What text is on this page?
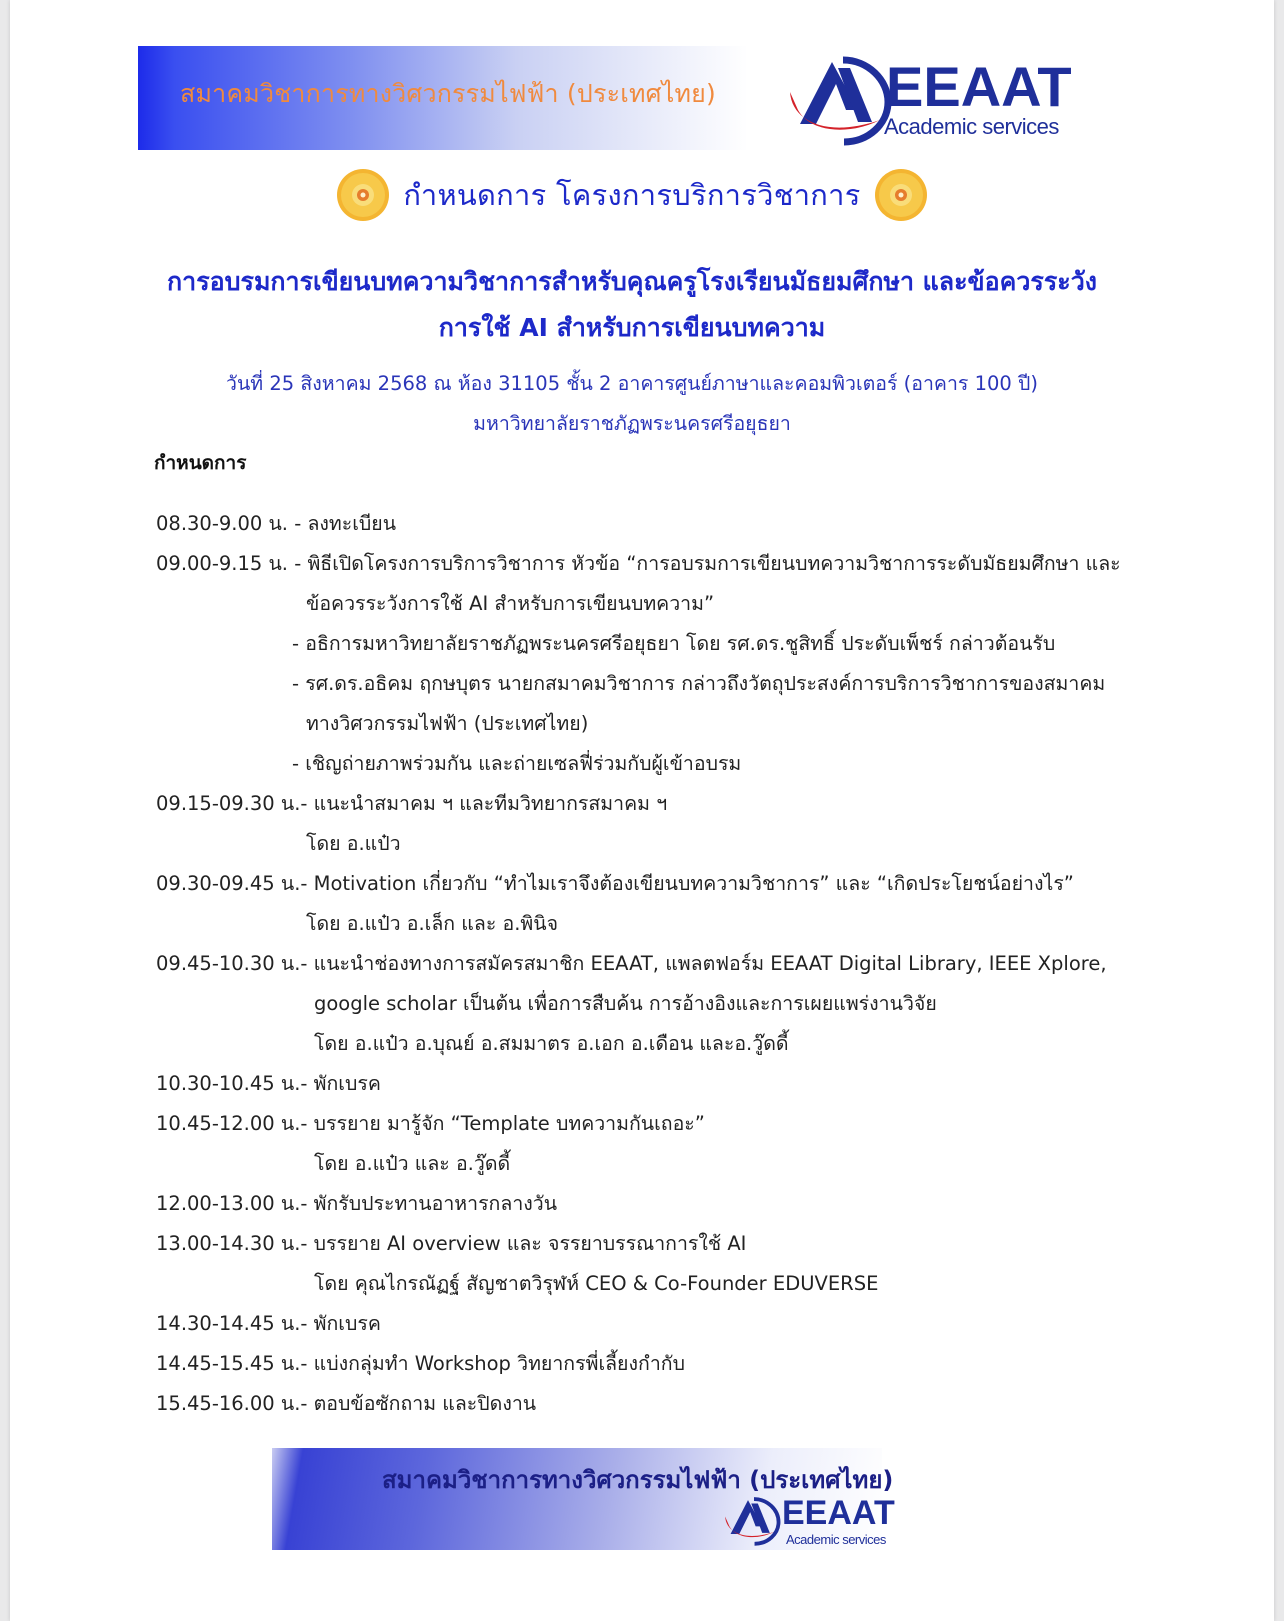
สมาคมวิชาการทางวิศวกรรมไฟฟ้า (ประเทศไทย)	EEAAT
Academic services
กำหนดการ โครงการบริการวิชาการ
การอบรมการเขียนบทความวิชาการสำหรับคุณครูโรงเรียนมัธยมศึกษา และข้อควรระวัง
การใช้ AI สำหรับการเขียนบทความ
วันที่ 25 สิงหาคม 2568 ณ ห้อง 31105 ชั้น 2 อาคารศูนย์ภาษาและคอมพิวเตอร์ (อาคาร 100 ปี)
มหาวิทยาลัยราชภัฏพระนครศรีอยุธยา
กำหนดการ
08.30-9.00 น. - ลงทะเบียน
09.00-9.15 น. - พิธีเปิดโครงการบริการวิชาการ หัวข้อ “การอบรมการเขียนบทความวิชาการระดับมัธยมศึกษา และ
ข้อควรระวังการใช้ AI สำหรับการเขียนบทความ”
- อธิการมหาวิทยาลัยราชภัฏพระนครศรีอยุธยา โดย รศ.ดร.ชูสิทธิ์ ประดับเพ็ชร์ กล่าวต้อนรับ
- รศ.ดร.อธิคม ฤกษบุตร นายกสมาคมวิชาการ กล่าวถึงวัตถุประสงค์การบริการวิชาการของสมาคม
ทางวิศวกรรมไฟฟ้า (ประเทศไทย)
- เชิญถ่ายภาพร่วมกัน และถ่ายเซลฟี่ร่วมกับผู้เข้าอบรม
09.15-09.30 น.- แนะนำสมาคม ฯ และทีมวิทยากรสมาคม ฯ
โดย อ.แป๋ว
09.30-09.45 น.- Motivation เกี่ยวกับ “ทำไมเราจึงต้องเขียนบทความวิชาการ” และ “เกิดประโยชน์อย่างไร”
โดย อ.แป๋ว อ.เล็ก และ อ.พินิจ
09.45-10.30 น.- แนะนำช่องทางการสมัครสมาชิก EEAAT, แพลตฟอร์ม EEAAT Digital Library, IEEE Xplore,
google scholar เป็นต้น เพื่อการสืบค้น การอ้างอิงและการเผยแพร่งานวิจัย
โดย อ.แป๋ว อ.บุณย์ อ.สมมาตร อ.เอก อ.เดือน และอ.วู๊ดดี้
10.30-10.45 น.- พักเบรค
10.45-12.00 น.- บรรยาย มารู้จัก “Template บทความกันเถอะ”
โดย อ.แป๋ว และ อ.วู๊ดดี้
12.00-13.00 น.- พักรับประทานอาหารกลางวัน
13.00-14.30 น.- บรรยาย AI overview และ จรรยาบรรณาการใช้ AI
โดย คุณไกรณัฏฐ์ สัญชาตวิรุฬห์ CEO & Co-Founder EDUVERSE
14.30-14.45 น.- พักเบรค
14.45-15.45 น.- แบ่งกลุ่มทำ Workshop วิทยากรพี่เลี้ยงกำกับ
15.45-16.00 น.- ตอบข้อซักถาม และปิดงาน
สมาคมวิชาการทางวิศวกรรมไฟฟ้า (ประเทศไทย)
EEAAT
Academic services
